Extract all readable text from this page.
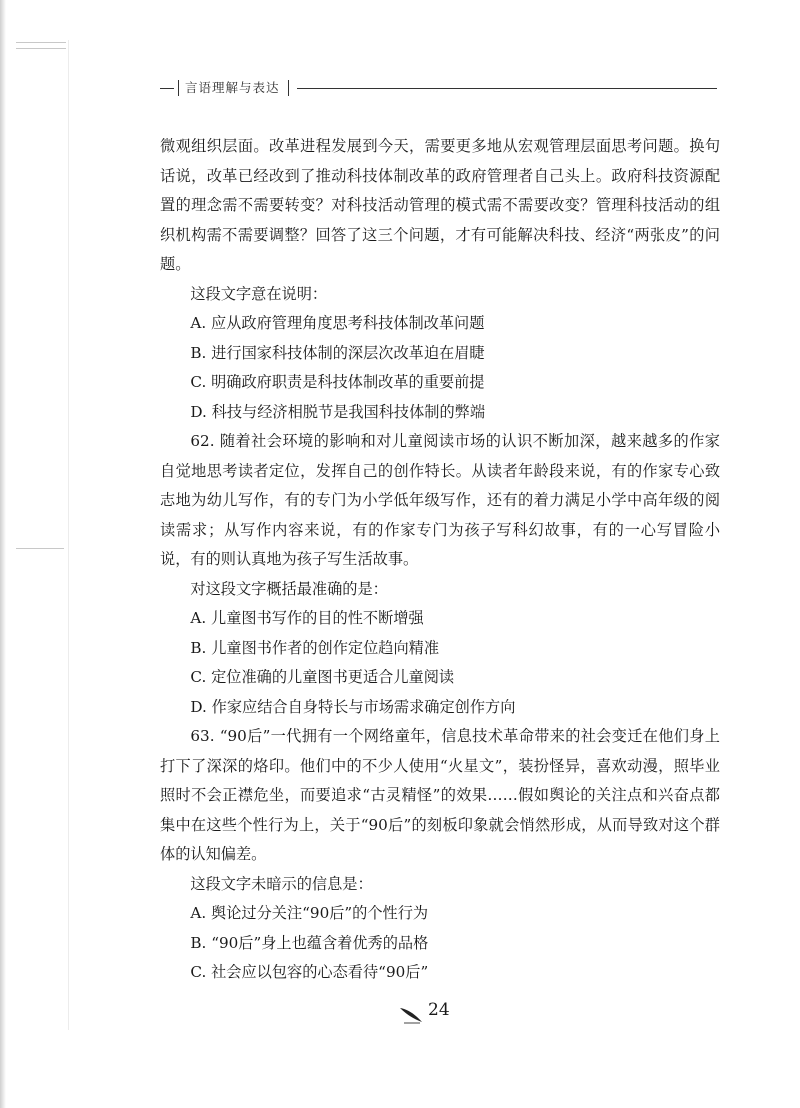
言语理解与表达

微观组织层面。改革进程发展到今天，需要更多地从宏观管理层面思考问题。换句话说，改革已经改到了推动科技体制改革的政府管理者自己头上。政府科技资源配置的理念需不需要转变？对科技活动管理的模式需不需要改变？管理科技活动的组织机构需不需要调整？回答了这三个问题，才有可能解决科技、经济“两张皮”的问题。

这段文字意在说明：

A. 应从政府管理角度思考科技体制改革问题

B. 进行国家科技体制的深层次改革迫在眉睫

C. 明确政府职责是科技体制改革的重要前提

D. 科技与经济相脱节是我国科技体制的弊端

62. 随着社会环境的影响和对儿童阅读市场的认识不断加深，越来越多的作家自觉地思考读者定位，发挥自己的创作特长。从读者年龄段来说，有的作家专心致志地为幼儿写作，有的专门为小学低年级写作，还有的着力满足小学中高年级的阅读需求；从写作内容来说，有的作家专门为孩子写科幻故事，有的一心写冒险小说，有的则认真地为孩子写生活故事。

对这段文字概括最准确的是：

A. 儿童图书写作的目的性不断增强

B. 儿童图书作者的创作定位趋向精准

C. 定位准确的儿童图书更适合儿童阅读

D. 作家应结合自身特长与市场需求确定创作方向

63. “90后”一代拥有一个网络童年，信息技术革命带来的社会变迁在他们身上打下了深深的烙印。他们中的不少人使用“火星文”，装扮怪异，喜欢动漫，照毕业照时不会正襟危坐，而要追求“古灵精怪”的效果……假如舆论的关注点和兴奋点都集中在这些个性行为上，关于“90后”的刻板印象就会悄然形成，从而导致对这个群体的认知偏差。

这段文字未暗示的信息是：

A. 舆论过分关注“90后”的个性行为

B. “90后”身上也蕴含着优秀的品格

C. 社会应以包容的心态看待“90后”

24
